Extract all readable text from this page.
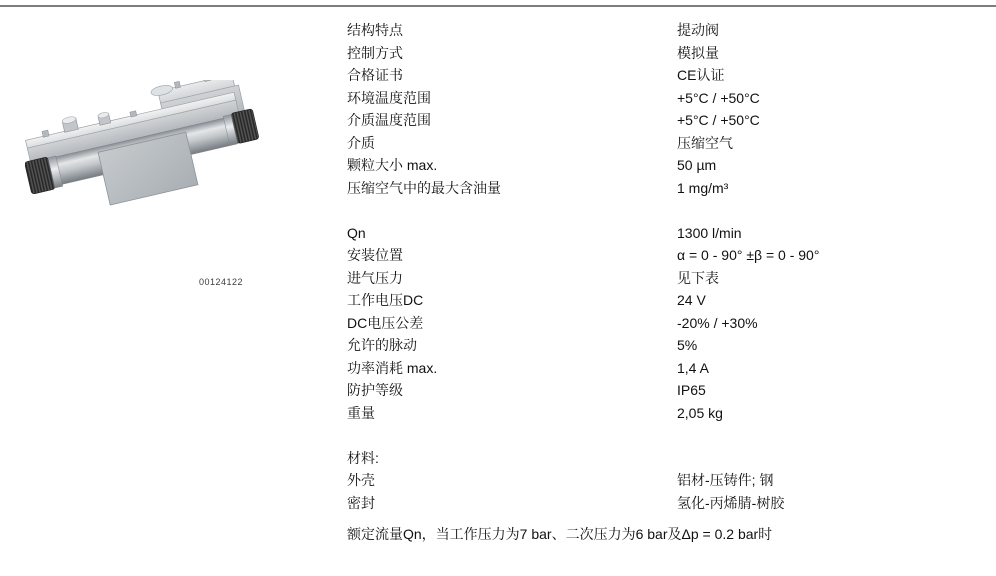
00124122
结构特点	提动阀
控制方式	模拟量
合格证书	CE认证
环境温度范围	+5°C / +50°C
介质温度范围	+5°C / +50°C
介质	压缩空气
颗粒大小 max.	50 µm
压缩空气中的最大含油量	1 mg/m³
Qn	1300 l/min
安装位置	α = 0 - 90° ±β = 0 - 90°
进气压力	见下表
工作电压DC	24 V
DC电压公差	-20% / +30%
允许的脉动	5%
功率消耗 max.	1,4 A
防护等级	IP65
重量	2,05 kg
材料:
外壳	铝材-压铸件; 钢
密封	氢化-丙烯腈-树胶

额定流量Qn，当工作压力为7 bar、二次压力为6 bar及Δp = 0.2 bar时
